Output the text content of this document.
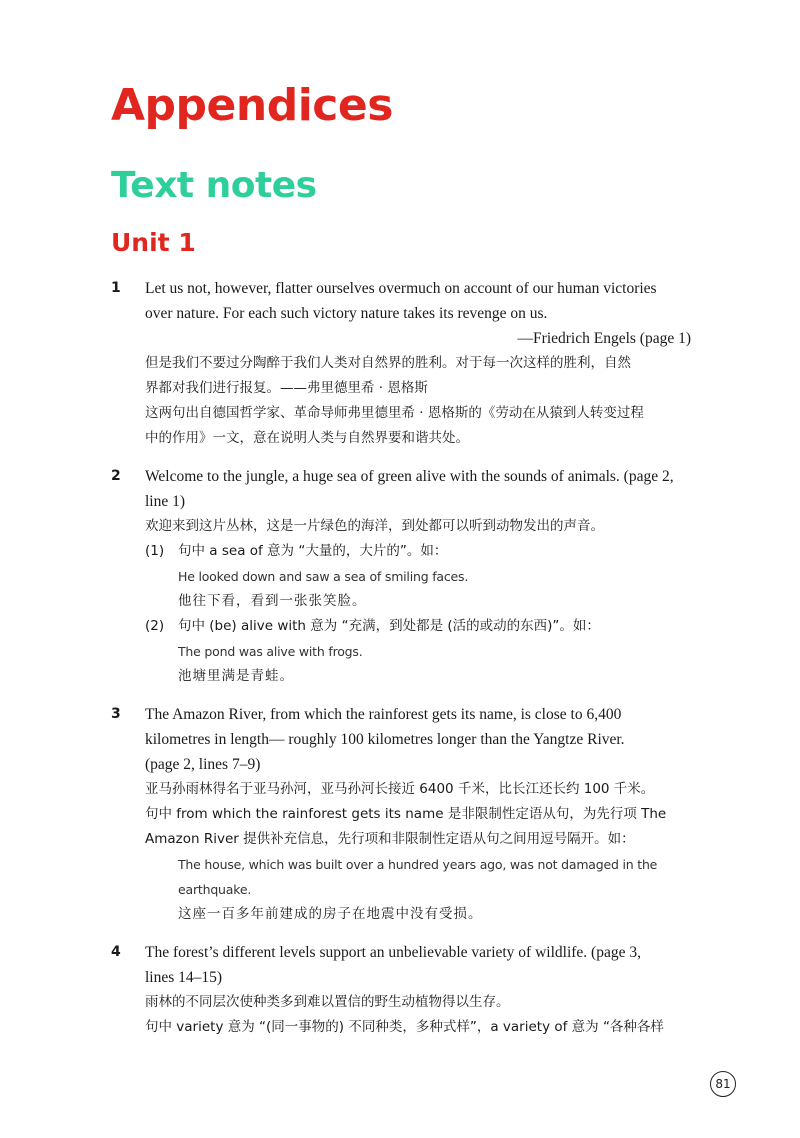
Appendices
Text notes
Unit 1
1 Let us not, however, flatter ourselves overmuch on account of our human victories
over nature. For each such victory nature takes its revenge on us.
—Friedrich Engels (page 1)
但是我们不要过分陶醉于我们人类对自然界的胜利。对于每一次这样的胜利，自然
界都对我们进行报复。——弗里德里希 · 恩格斯
这两句出自德国哲学家、革命导师弗里德里希 · 恩格斯的《劳动在从猿到人转变过程
中的作用》一文，意在说明人类与自然界要和谐共处。
2 Welcome to the jungle, a huge sea of green alive with the sounds of animals. (page 2,
line 1)
欢迎来到这片丛林，这是一片绿色的海洋，到处都可以听到动物发出的声音。
(1) 句中 a sea of 意为 “大量的，大片的”。如：
He looked down and saw a sea of smiling faces.
他往下看，看到一张张笑脸。
(2) 句中 (be) alive with 意为 “充满，到处都是 (活的或动的东西)”。如：
The pond was alive with frogs.
池塘里满是青蛙。
3 The Amazon River, from which the rainforest gets its name, is close to 6,400
kilometres in length— roughly 100 kilometres longer than the Yangtze River.
(page 2, lines 7–9)
亚马孙雨林得名于亚马孙河，亚马孙河长接近 6400 千米，比长江还长约 100 千米。
句中 from which the rainforest gets its name 是非限制性定语从句，为先行项 The
Amazon River 提供补充信息，先行项和非限制性定语从句之间用逗号隔开。如：
The house, which was built over a hundred years ago, was not damaged in the
earthquake.
这座一百多年前建成的房子在地震中没有受损。
4 The forest’s different levels support an unbelievable variety of wildlife. (page 3,
lines 14–15)
雨林的不同层次使种类多到难以置信的野生动植物得以生存。
句中 variety 意为 “(同一事物的) 不同种类，多种式样”，a variety of 意为 “各种各样
81
